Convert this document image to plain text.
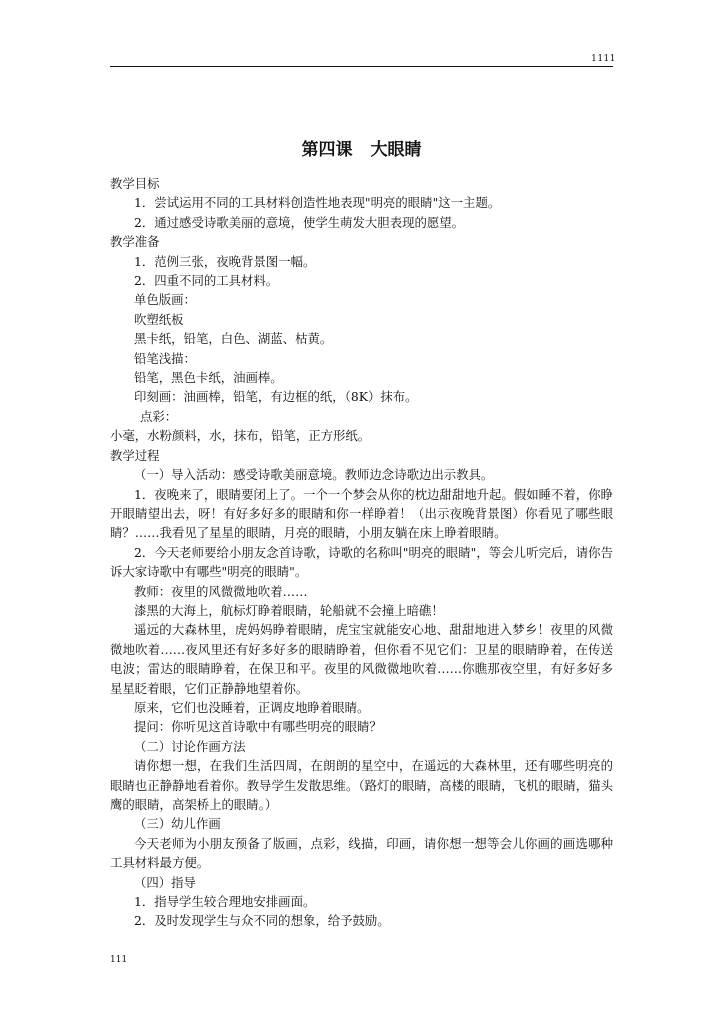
1111
第四课 大眼睛

教学目标

1．尝试运用不同的工具材料创造性地表现"明亮的眼睛"这一主题。

2．通过感受诗歌美丽的意境，使学生萌发大胆表现的愿望。

教学准备

1．范例三张，夜晚背景图一幅。

2．四重不同的工具材料。

单色版画：

吹塑纸板

黑卡纸，铅笔，白色、湖蓝、枯黄。

铅笔浅描：

铅笔，黑色卡纸，油画棒。

印刻画：油画棒，铅笔，有边框的纸，（8K）抹布。

点彩：

小毫，水粉颜料，水，抹布，铅笔，正方形纸。

教学过程

（一）导入活动：感受诗歌美丽意境。教师边念诗歌边出示教具。

1．夜晚来了，眼睛要闭上了。一个一个梦会从你的枕边甜甜地升起。假如睡不着，你睁开眼睛望出去，呀！有好多好多的眼睛和你一样睁着！（出示夜晚背景图）你看见了哪些眼睛？……我看见了星星的眼睛，月亮的眼睛，小朋友躺在床上睁着眼睛。

2．今天老师要给小朋友念首诗歌，诗歌的名称叫"明亮的眼睛"，等会儿听完后，请你告诉大家诗歌中有哪些"明亮的眼睛"。

教师：夜里的风微微地吹着……

漆黑的大海上，航标灯睁着眼睛，轮船就不会撞上暗礁！

遥远的大森林里，虎妈妈睁着眼睛，虎宝宝就能安心地、甜甜地进入梦乡！夜里的风微微地吹着……夜风里还有好多好多的眼睛睁着，但你看不见它们：卫星的眼睛睁着，在传送电波；雷达的眼睛睁着，在保卫和平。夜里的风微微地吹着……你瞧那夜空里，有好多好多星星眨着眼，它们正静静地望着你。

原来，它们也没睡着，正调皮地睁着眼睛。

提问：你听见这首诗歌中有哪些明亮的眼睛？

（二）讨论作画方法

请你想一想，在我们生活四周，在朗朗的星空中，在遥远的大森林里，还有哪些明亮的眼睛也正静静地看着你。教导学生发散思维。（路灯的眼睛，高楼的眼睛，飞机的眼睛，猫头鹰的眼睛，高架桥上的眼睛。）

（三）幼儿作画

今天老师为小朋友预备了版画，点彩，线描，印画，请你想一想等会儿你画的画选哪种工具材料最方便。

（四）指导

1．指导学生较合理地安排画面。

2．及时发现学生与众不同的想象，给予鼓励。

111
